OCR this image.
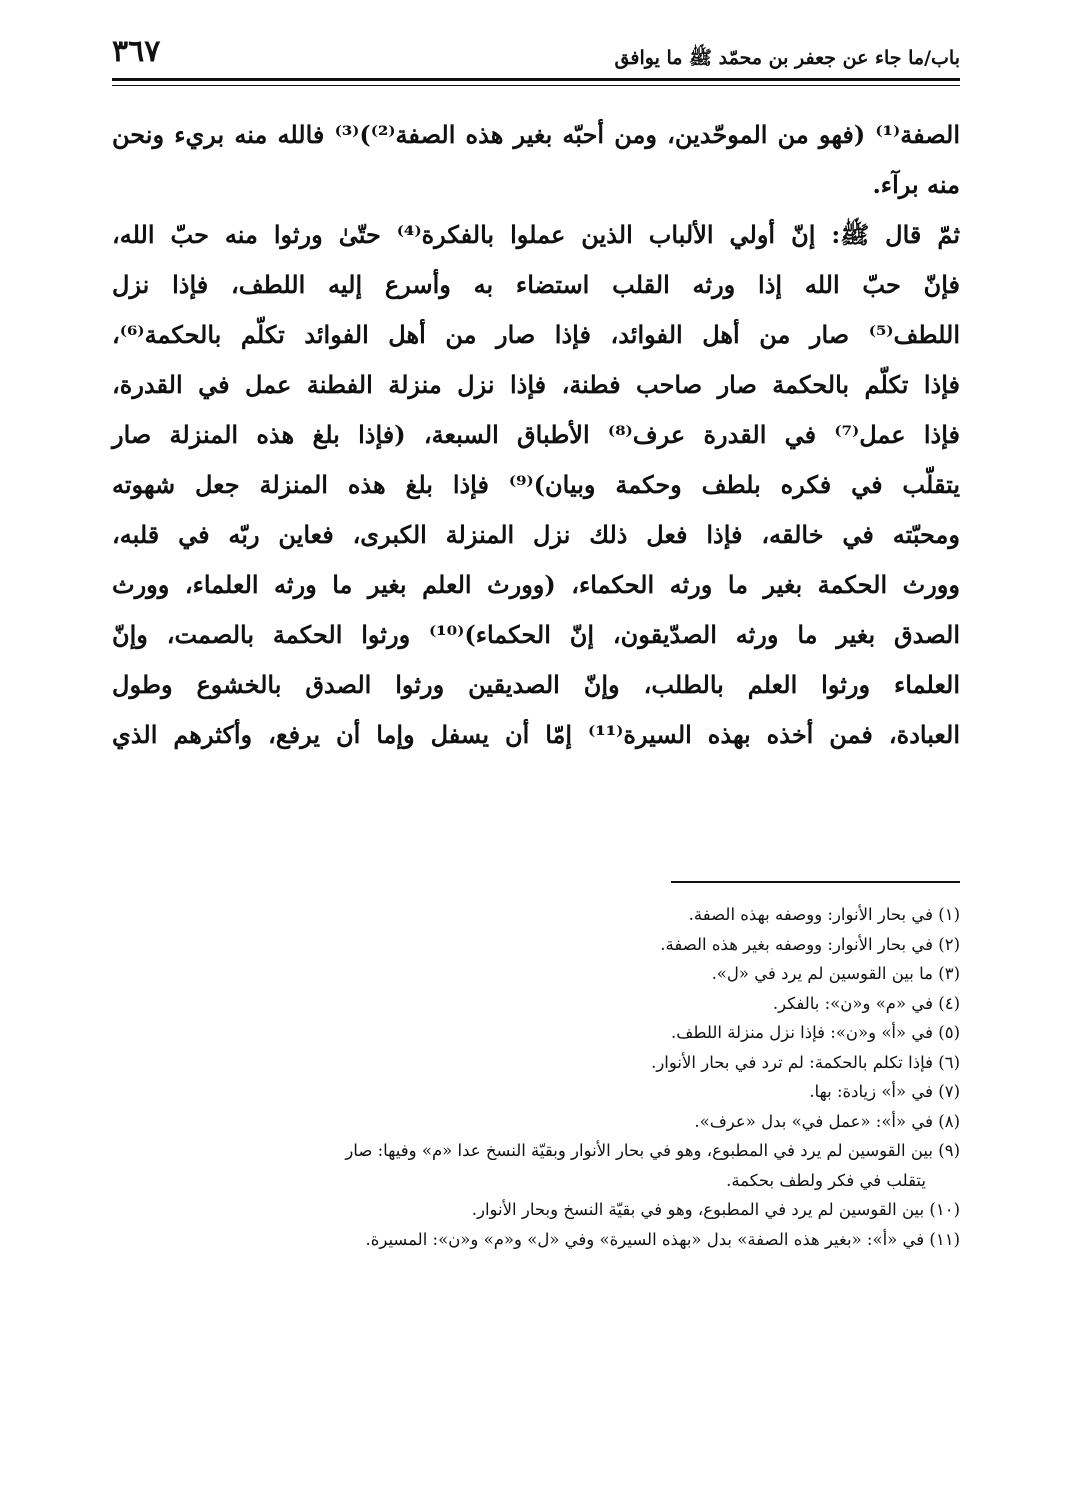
باب/ما جاء عن جعفر بن محمّد ﷺ ما يوافق
٣٦٧
الصفة⁽¹⁾ (فهو من الموحّدين، ومن أحبّه بغير هذه الصفة⁽²⁾)⁽³⁾ فالله منه بريء ونحن
منه برآء.
ثمّ قال ﷺ: إنّ أولي الألباب الذين عملوا بالفكرة⁽⁴⁾ حتّىٰ ورثوا منه حبّ الله،
فإنّ حبّ الله إذا ورثه القلب استضاء به وأسرع إليه اللطف، فإذا نزل
اللطف⁽⁵⁾ صار من أهل الفوائد، فإذا صار من أهل الفوائد تكلّم بالحكمة⁽⁶⁾،
فإذا تكلّم بالحكمة صار صاحب فطنة، فإذا نزل منزلة الفطنة عمل في القدرة،
فإذا عمل⁽⁷⁾ في القدرة عرف⁽⁸⁾ الأطباق السبعة، (فإذا بلغ هذه المنزلة صار
يتقلّب في فكره بلطف وحكمة وبيان)⁽⁹⁾ فإذا بلغ هذه المنزلة جعل شهوته
ومحبّته في خالقه، فإذا فعل ذلك نزل المنزلة الكبرى، فعاين ربّه في قلبه،
وورث الحكمة بغير ما ورثه الحكماء، (وورث العلم بغير ما ورثه العلماء، وورث
الصدق بغير ما ورثه الصدّيقون، إنّ الحكماء)⁽¹⁰⁾ ورثوا الحكمة بالصمت، وإنّ
العلماء ورثوا العلم بالطلب، وإنّ الصديقين ورثوا الصدق بالخشوع وطول
العبادة، فمن أخذه بهذه السيرة⁽¹¹⁾ إمّا أن يسفل وإما أن يرفع، وأكثرهم الذي
(١) في بحار الأنوار: ووصفه بهذه الصفة.
(٢) في بحار الأنوار: ووصفه بغير هذه الصفة.
(٣) ما بين القوسين لم يرد في «ل».
(٤) في «م» و«ن»: بالفكر.
(٥) في «أ» و«ن»: فإذا نزل منزلة اللطف.
(٦) فإذا تكلم بالحكمة: لم ترد في بحار الأنوار.
(٧) في «أ» زيادة: بها.
(٨) في «أ»: «عمل في» بدل «عرف».
(٩) بين القوسين لم يرد في المطبوع، وهو في بحار الأنوار وبقيّة النسخ عدا «م» وفيها: صار
يتقلب في فكر ولطف بحكمة.
(١٠) بين القوسين لم يرد في المطبوع، وهو في بقيّة النسخ وبحار الأنوار.
(١١) في «أ»: «بغير هذه الصفة» بدل «بهذه السيرة» وفي «ل» و«م» و«ن»: المسيرة.
